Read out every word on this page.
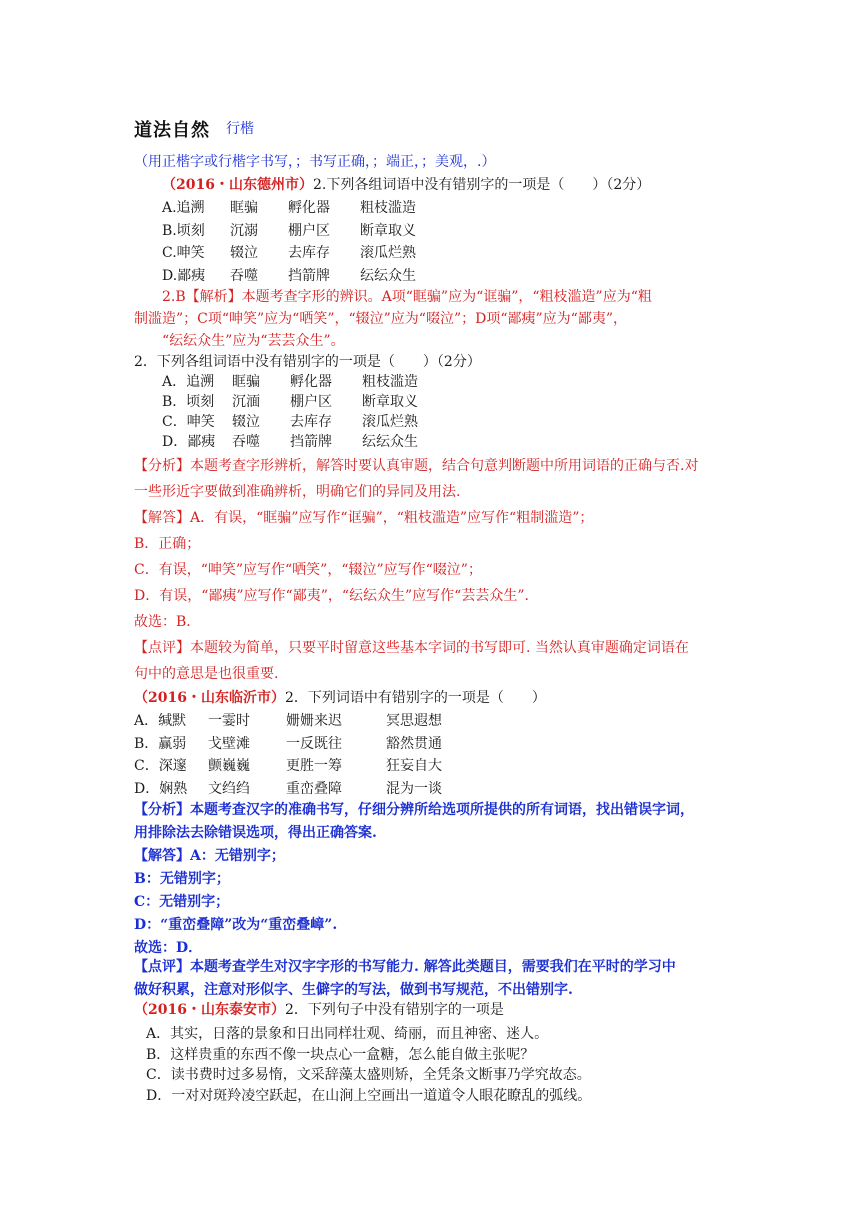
道法自然 行楷
（用正楷字或行楷字书写，；书写正确，；端正，；美观，.）
（2016・山东德州市）2.下列各组词语中没有错别字的一项是（　　）（2分）
A.追溯 眶骗 孵化器 粗枝滥造
B.顷刻 沉溺 棚户区 断章取义
C.呻笑 辍泣 去库存 滚瓜烂熟
D.鄙痍 吞噬 挡箭牌 纭纭众生
2.B【解析】本题考查字形的辨识。A项“眶骗”应为“诓骗”，“粗枝滥造”应为“粗
制滥造”；C项“呻笑”应为“哂笑”，“辍泣”应为“啜泣”；D项“鄙痍”应为“鄙夷”，
“纭纭众生”应为“芸芸众生”。
2．下列各组词语中没有错别字的一项是（　　）（2分）
A．追溯 眶骗 孵化器 粗枝滥造
B．顷刻 沉湎 棚户区 断章取义
C．呻笑 辍泣 去库存 滚瓜烂熟
D．鄙痍 吞噬 挡箭牌 纭纭众生
【分析】本题考查字形辨析，解答时要认真审题，结合句意判断题中所用词语的正确与否.对
一些形近字要做到准确辨析，明确它们的异同及用法.
【解答】A．有误，“眶骗”应写作“诓骗”，“粗枝滥造”应写作“粗制滥造”；
B．正确；
C．有误，“呻笑”应写作“哂笑”，“辍泣”应写作“啜泣”；
D．有误，“鄙痍”应写作“鄙夷”，“纭纭众生”应写作“芸芸众生”.
故选：B．
【点评】本题较为简单，只要平时留意这些基本字词的书写即可. 当然认真审题确定词语在
句中的意思是也很重要.
（2016・山东临沂市）2．下列词语中有错别字的一项是（　　）
A．缄默 一霎时	姗姗来迟	冥思遐想
B．赢弱 戈壁滩	一反既往	豁然贯通
C．深邃 颤巍巍	更胜一筹	狂妄自大
D．娴熟 文绉绉	重峦叠障	混为一谈
【分析】本题考查汉字的准确书写，仔细分辨所给选项所提供的所有词语，找出错误字词，
用排除法去除错误选项，得出正确答案.
【解答】A：无错别字；
B：无错别字；
C：无错别字；
D：“重峦叠障”改为“重峦叠嶂”.
故选：D．
【点评】本题考查学生对汉字字形的书写能力. 解答此类题目，需要我们在平时的学习中
做好积累，注意对形似字、生僻字的写法，做到书写规范，不出错别字.
（2016・山东泰安市）2．下列句子中没有错别字的一项是
A．其实，日落的景象和日出同样壮观、绮丽，而且神密、迷人。
B．这样贵重的东西不像一块点心一盒糖，怎么能自做主张呢？
C．读书费时过多易惰，文采辞藻太盛则矫，全凭条文断事乃学究故态。
D．一对对斑羚凌空跃起，在山涧上空画出一道道令人眼花瞭乱的弧线。
